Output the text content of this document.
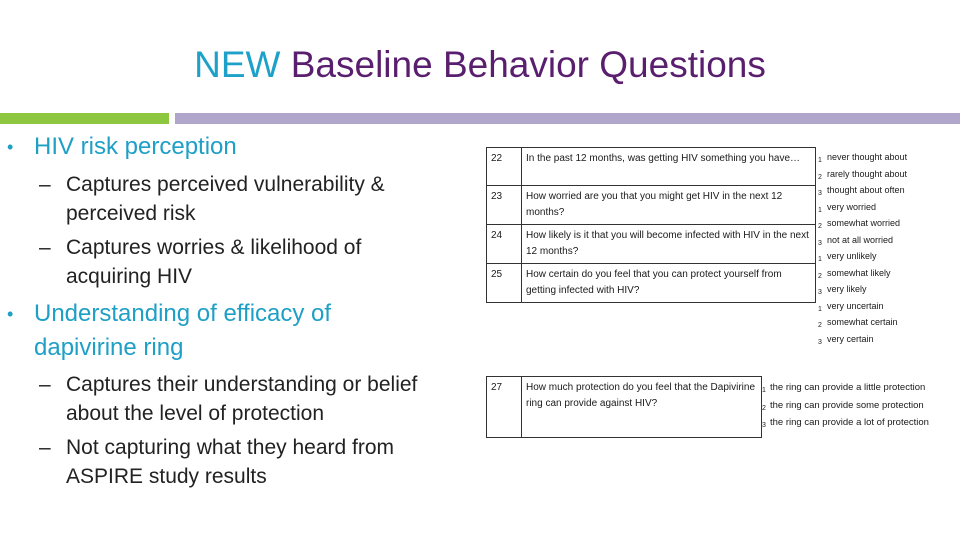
NEW Baseline Behavior Questions
• HIV risk perception
– Captures perceived vulnerability & perceived risk
– Captures worries & likelihood of acquiring HIV
• Understanding of efficacy of dapivirine ring
– Captures their understanding or belief about the level of protection
– Not capturing what they heard from ASPIRE study results
22	In the past 12 months, was getting HIV something you have…
23	How worried are you that you might get HIV in the next 12 months?
24	How likely is it that you will become infected with HIV in the next 12 months?
25	How certain do you feel that you can protect yourself from getting infected with HIV?
1 never thought about
2 rarely thought about
3 thought about often
1 very worried
2 somewhat worried
3 not at all worried
1 very unlikely
2 somewhat likely
3 very likely
1 very uncertain
2 somewhat certain
3 very certain
27	How much protection do you feel that the Dapivirine ring can provide against HIV?
1 the ring can provide a little protection
2 the ring can provide some protection
3 the ring can provide a lot of protection
